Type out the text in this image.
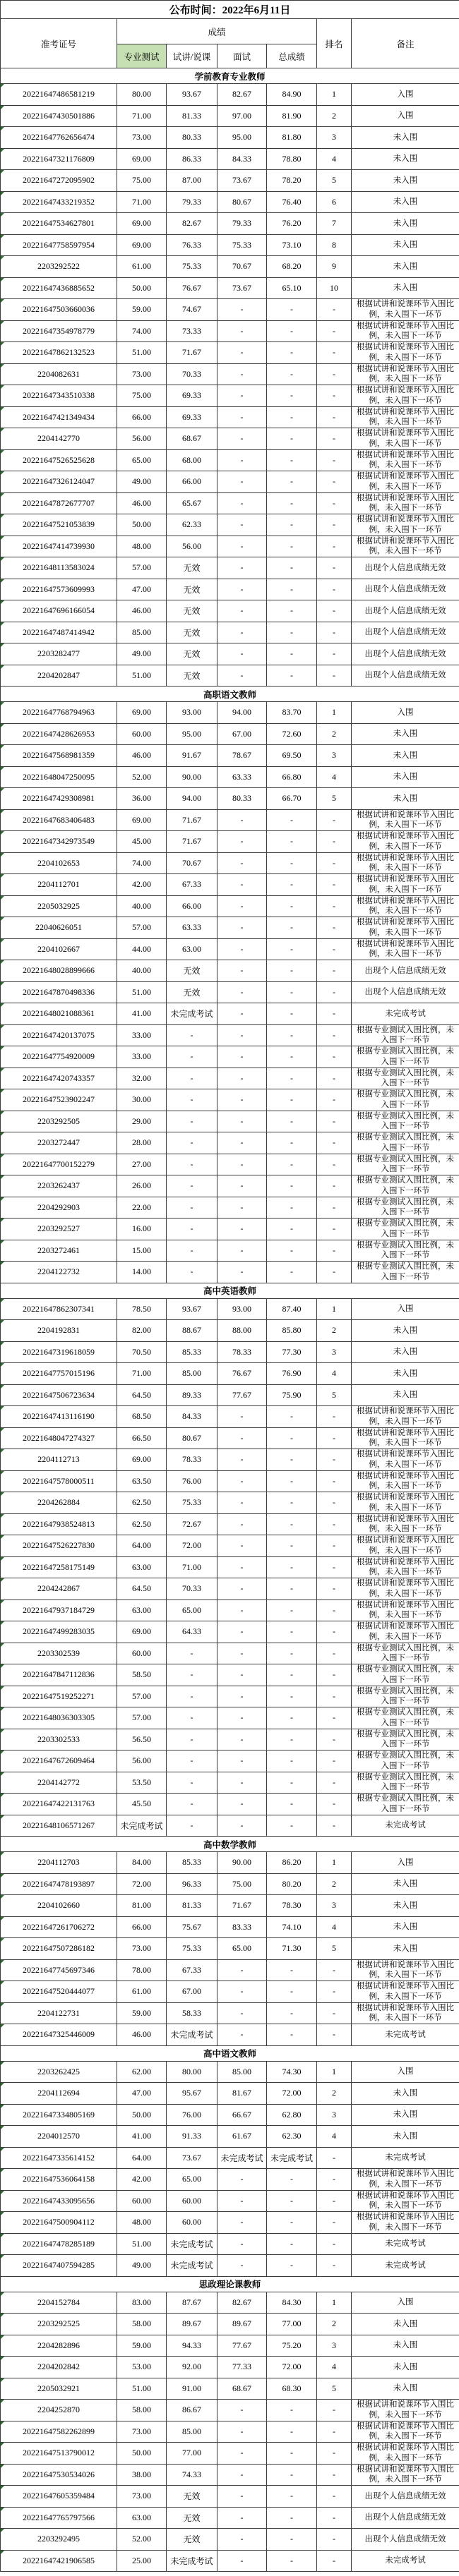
公布时间：2022年6月11日						
准考证号	成绩				排名	备注
	专业测试	试讲/说课	面试	总成绩		
学前教育专业教师						
20221647486581219	80.00	93.67	82.67	84.90	1	入围
20221647430501886	71.00	81.33	97.00	81.90	2	入围
20221647762656474	73.00	80.33	95.00	81.80	3	未入围
20221647321176809	69.00	86.33	84.33	78.80	4	未入围
20221647272095902	75.00	87.00	73.67	78.20	5	未入围
20221647433219352	71.00	79.33	80.67	76.40	6	未入围
20221647534627801	69.00	82.67	79.33	76.20	7	未入围
20221647758597954	69.00	76.33	75.33	73.10	8	未入围
2203292522	61.00	75.33	70.67	68.20	9	未入围
20221647436885652	50.00	76.67	73.67	65.10	10	未入围
20221647503660036	59.00	74.67	-	-	-	根据试讲和说课环节入围比例，未入围下一环节
20221647354978779	74.00	73.33	-	-	-	根据试讲和说课环节入围比例，未入围下一环节
20221647862132523	51.00	71.67	-	-	-	根据试讲和说课环节入围比例，未入围下一环节
2204082631	73.00	70.33	-	-	-	根据试讲和说课环节入围比例，未入围下一环节
20221647343510338	75.00	69.33	-	-	-	根据试讲和说课环节入围比例，未入围下一环节
20221647421349434	66.00	69.33	-	-	-	根据试讲和说课环节入围比例，未入围下一环节
2204142770	56.00	68.67	-	-	-	根据试讲和说课环节入围比例，未入围下一环节
20221647526525628	65.00	68.00	-	-	-	根据试讲和说课环节入围比例，未入围下一环节
20221647326124047	49.00	66.00	-	-	-	根据试讲和说课环节入围比例，未入围下一环节
20221647872677707	46.00	65.67	-	-	-	根据试讲和说课环节入围比例，未入围下一环节
20221647521053839	50.00	62.33	-	-	-	根据试讲和说课环节入围比例，未入围下一环节
20221647414739930	48.00	56.00	-	-	-	根据试讲和说课环节入围比例，未入围下一环节
20221648113583024	57.00	无效	-	-	-	出现个人信息成绩无效
20221647573609993	47.00	无效	-	-	-	出现个人信息成绩无效
20221647696166054	46.00	无效	-	-	-	出现个人信息成绩无效
20221647487414942	85.00	无效	-	-	-	出现个人信息成绩无效
2203282477	49.00	无效	-	-	-	出现个人信息成绩无效
2204202847	51.00	无效	-	-	-	出现个人信息成绩无效
高职语文教师						
20221647768794963	69.00	93.00	94.00	83.70	1	入围
20221647428626953	60.00	95.00	67.00	72.60	2	未入围
20221647568981359	46.00	91.67	78.67	69.50	3	未入围
20221648047250095	52.00	90.00	63.33	66.80	4	未入围
20221647429308981	36.00	94.00	80.33	66.70	5	未入围
20221647683406483	69.00	71.67	-	-	-	根据试讲和说课环节入围比例，未入围下一环节
20221647342973549	45.00	71.67	-	-	-	根据试讲和说课环节入围比例，未入围下一环节
2204102653	74.00	70.67	-	-	-	根据试讲和说课环节入围比例，未入围下一环节
2204112701	42.00	67.33	-	-	-	根据试讲和说课环节入围比例，未入围下一环节
2205032925	40.00	66.00	-	-	-	根据试讲和说课环节入围比例，未入围下一环节
22040626051	57.00	63.33	-	-	-	根据试讲和说课环节入围比例，未入围下一环节
2204102667	44.00	63.00	-	-	-	根据试讲和说课环节入围比例，未入围下一环节
20221648028899666	40.00	无效	-	-	-	出现个人信息成绩无效
20221647870498336	51.00	无效	-	-	-	出现个人信息成绩无效
20221648021088361	41.00	未完成考试	-	-	-	未完成考试
20221647420137075	33.00	-	-	-	-	根据专业测试入围比例，未入围下一环节
20221647754920009	33.00	-	-	-	-	根据专业测试入围比例，未入围下一环节
20221647420743357	32.00	-	-	-	-	根据专业测试入围比例，未入围下一环节
20221647523902247	30.00	-	-	-	-	根据专业测试入围比例，未入围下一环节
2203292505	29.00	-	-	-	-	根据专业测试入围比例，未入围下一环节
2203272447	28.00	-	-	-	-	根据专业测试入围比例，未入围下一环节
20221647700152279	27.00	-	-	-	-	根据专业测试入围比例，未入围下一环节
2203262437	26.00	-	-	-	-	根据专业测试入围比例，未入围下一环节
2204292903	22.00	-	-	-	-	根据专业测试入围比例，未入围下一环节
2203292527	16.00	-	-	-	-	根据专业测试入围比例，未入围下一环节
2203272461	15.00	-	-	-	-	根据专业测试入围比例，未入围下一环节
2204122732	14.00	-	-	-	-	根据专业测试入围比例，未入围下一环节
高中英语教师						
20221647862307341	78.50	93.67	93.00	87.40	1	入围
2204192831	82.00	88.67	88.00	85.80	2	未入围
20221647319618059	70.50	85.33	78.33	77.30	3	未入围
20221647757015196	71.00	85.00	76.67	76.90	4	未入围
20221647506723634	64.50	89.33	77.67	75.90	5	未入围
20221647413116190	68.50	84.33	-	-	-	根据试讲和说课环节入围比例，未入围下一环节
20221648047274327	66.50	80.67	-	-	-	根据试讲和说课环节入围比例，未入围下一环节
2204112713	69.00	78.33	-	-	-	根据试讲和说课环节入围比例，未入围下一环节
20221647578000511	63.50	76.00	-	-	-	根据试讲和说课环节入围比例，未入围下一环节
2204262884	62.50	75.33	-	-	-	根据试讲和说课环节入围比例，未入围下一环节
20221647938524813	62.50	72.67	-	-	-	根据试讲和说课环节入围比例，未入围下一环节
20221647526227830	64.00	72.00	-	-	-	根据试讲和说课环节入围比例，未入围下一环节
20221647258175149	63.00	71.00	-	-	-	根据试讲和说课环节入围比例，未入围下一环节
2204242867	64.50	70.33	-	-	-	根据试讲和说课环节入围比例，未入围下一环节
20221647937184729	63.00	65.00	-	-	-	根据试讲和说课环节入围比例，未入围下一环节
20221647499283035	69.00	64.33	-	-	-	根据试讲和说课环节入围比例，未入围下一环节
2203302539	60.00	-	-	-	-	根据专业测试入围比例，未入围下一环节
20221647847112836	58.50	-	-	-	-	根据专业测试入围比例，未入围下一环节
20221647519252271	57.00	-	-	-	-	根据专业测试入围比例，未入围下一环节
20221648036303305	57.00	-	-	-	-	根据专业测试入围比例，未入围下一环节
2203302533	56.50	-	-	-	-	根据专业测试入围比例，未入围下一环节
20221647672609464	56.00	-	-	-	-	根据专业测试入围比例，未入围下一环节
2204142772	53.50	-	-	-	-	根据专业测试入围比例，未入围下一环节
20221647422131763	45.50	-	-	-	-	根据专业测试入围比例，未入围下一环节
20221648106571267	未完成考试	-	-	-	-	未完成考试
高中数学教师						
2204112703	84.00	85.33	90.00	86.20	1	入围
20221647478193897	72.00	96.33	75.00	80.20	2	未入围
2204102660	81.00	81.33	71.67	78.30	3	未入围
20221647261706272	66.00	75.67	83.33	74.10	4	未入围
20221647507286182	73.00	75.33	65.00	71.30	5	未入围
20221647745697346	78.00	67.33	-	-	-	根据试讲和说课环节入围比例，未入围下一环节
20221647520444077	61.00	67.00	-	-	-	根据试讲和说课环节入围比例，未入围下一环节
2204122731	59.00	58.33	-	-	-	根据试讲和说课环节入围比例，未入围下一环节
20221647325446009	46.00	未完成考试	-	-	-	未完成考试
高中语文教师						
2203262425	62.00	80.00	85.00	74.30	1	入围
2204112694	47.00	95.67	81.67	72.00	2	未入围
20221647334805169	50.00	76.00	66.67	62.80	3	未入围
2204012570	41.00	91.33	61.67	62.30	4	未入围
20221647335614152	64.00	73.67	未完成考试	未完成考试	-	未完成考试
20221647536064158	42.00	65.00	-	-	-	根据试讲和说课环节入围比例，未入围下一环节
20221647433095656	60.00	60.00	-	-	-	根据试讲和说课环节入围比例，未入围下一环节
20221647500904112	48.00	60.00	-	-	-	根据试讲和说课环节入围比例，未入围下一环节
20221647478285189	51.00	未完成考试	-	-	-	未完成考试
20221647407594285	49.00	未完成考试	-	-	-	未完成考试
思政理论课教师						
2204152784	83.00	87.67	82.67	84.30	1	入围
2203292525	58.00	89.67	89.67	77.00	2	未入围
2204282896	59.00	94.33	77.67	75.20	3	未入围
2204202842	53.00	92.00	77.33	72.00	4	未入围
2205032921	51.00	91.00	68.67	68.30	5	未入围
2204252870	58.00	86.67	-	-	-	根据试讲和说课环节入围比例，未入围下一环节
20221647582262899	73.00	85.00	-	-	-	根据试讲和说课环节入围比例，未入围下一环节
20221647513790012	50.00	77.00	-	-	-	根据试讲和说课环节入围比例，未入围下一环节
20221647530534026	38.00	74.33	-	-	-	根据试讲和说课环节入围比例，未入围下一环节
20221647605359484	73.00	无效	-	-	-	出现个人信息成绩无效
20221647765797566	63.00	无效	-	-	-	出现个人信息成绩无效
2203292495	52.00	无效	-	-	-	出现个人信息成绩无效
20221647421906585	25.00	未完成考试	-	-	-	未完成考试
